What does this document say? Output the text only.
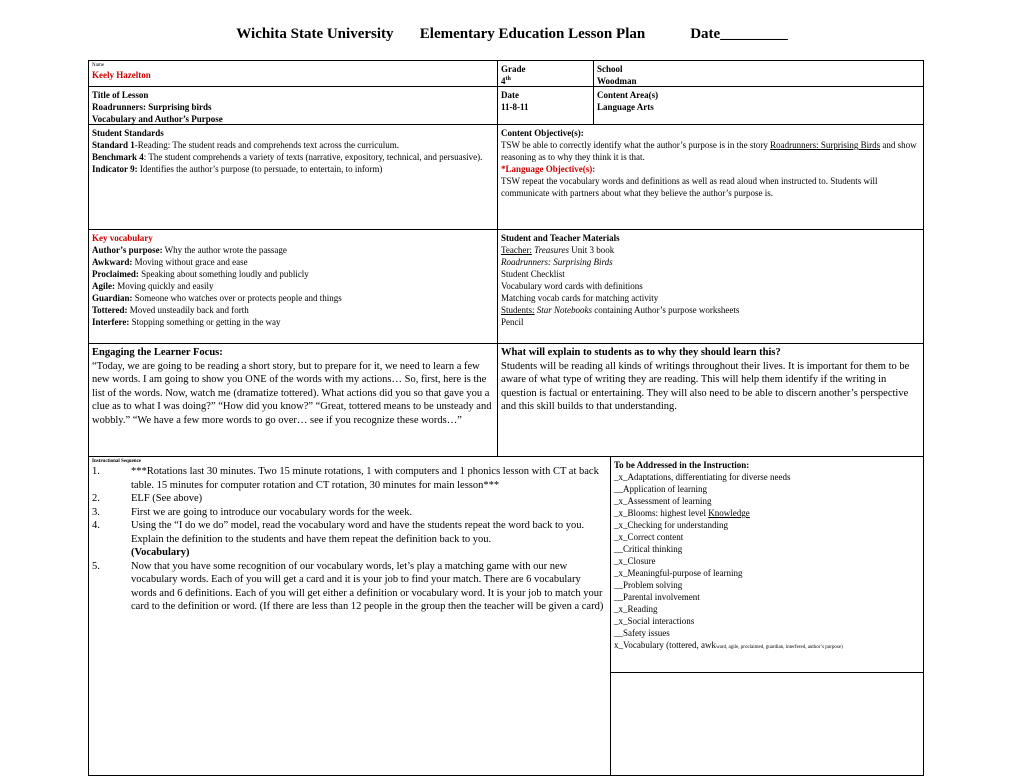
Wichita State University Elementary Education Lesson Plan	Date_________
Name
Keely Hazelton
Grade
4th
School
Woodman
Title of Lesson
Roadrunners: Surprising birds
Vocabulary and Author’s Purpose
Date
11-8-11
Content Area(s)
Language Arts
Student Standards
Standard 1-Reading: The student reads and comprehends text across the curriculum.
Benchmark 4: The student comprehends a variety of texts (narrative, expository, technical, and persuasive).
Indicator 9: Identifies the author’s purpose (to persuade, to entertain, to inform)
Content Objective(s):
TSW be able to correctly identify what the author’s purpose is in the story Roadrunners: Surprising Birds and show reasoning as to why they think it is that.
*Language Objective(s):
TSW repeat the vocabulary words and definitions as well as read aloud when instructed to. Students will communicate with partners about what they believe the author’s purpose is.
Key vocabulary
Author’s purpose: Why the author wrote the passage
Awkward: Moving without grace and ease
Proclaimed: Speaking about something loudly and publicly
Agile: Moving quickly and easily
Guardian: Someone who watches over or protects people and things
Tottered: Moved unsteadily back and forth
Interfere: Stopping something or getting in the way
Student and Teacher Materials
Teacher: Treasures Unit 3 book
Roadrunners: Surprising Birds
Student Checklist
Vocabulary word cards with definitions
Matching vocab cards for matching activity
Students: Star Notebooks containing Author’s purpose worksheets
Pencil
Engaging the Learner Focus:
“Today, we are going to be reading a short story, but to prepare for it, we need to learn a few new words. I am going to show you ONE of the words with my actions… So, first, here is the list of the words. Now, watch me (dramatize tottered). What actions did you so that gave you a clue as to what I was doing?” “How did you know?” “Great, tottered means to be unsteady and wobbly.” “We have a few more words to go over… see if you recognize these words…”
What will explain to students as to why they should learn this?
Students will be reading all kinds of writings throughout their lives. It is important for them to be aware of what type of writing they are reading. This will help them identify if the writing in question is factual or entertaining. They will also need to be able to discern another’s perspective and this skill builds to that understanding.
Instructional Sequence
1.	***Rotations last 30 minutes. Two 15 minute rotations, 1 with computers and 1 phonics lesson with CT at back table. 15 minutes for computer rotation and CT rotation, 30 minutes for main lesson***
2.	ELF (See above)
3.	First we are going to introduce our vocabulary words for the week.
4.	Using the “I do we do” model, read the vocabulary word and have the students repeat the word back to you. Explain the definition to the students and have them repeat the definition back to you.
(Vocabulary)
5.	Now that you have some recognition of our vocabulary words, let’s play a matching game with our new vocabulary words. Each of you will get a card and it is your job to find your match. There are 6 vocabulary words and 6 definitions. Each of you will get either a definition or vocabulary word. It is your job to match your card to the definition or word. (If there are less than 12 people in the group then the teacher will be given a card)
To be Addressed in the Instruction:
_x_Adaptations, differentiating for diverse needs
__Application of learning
_x_Assessment of learning
_x_Blooms: highest level Knowledge
_x_Checking for understanding
_x_Correct content
__Critical thinking
_x_Closure
_x_Meaningful-purpose of learning
__Problem solving
__Parental involvement
_x_Reading
_x_Social interactions
__Safety issues
x_Vocabulary (tottered, awkward, agile, proclaimed, guardian, interfered, author’s purpose)
